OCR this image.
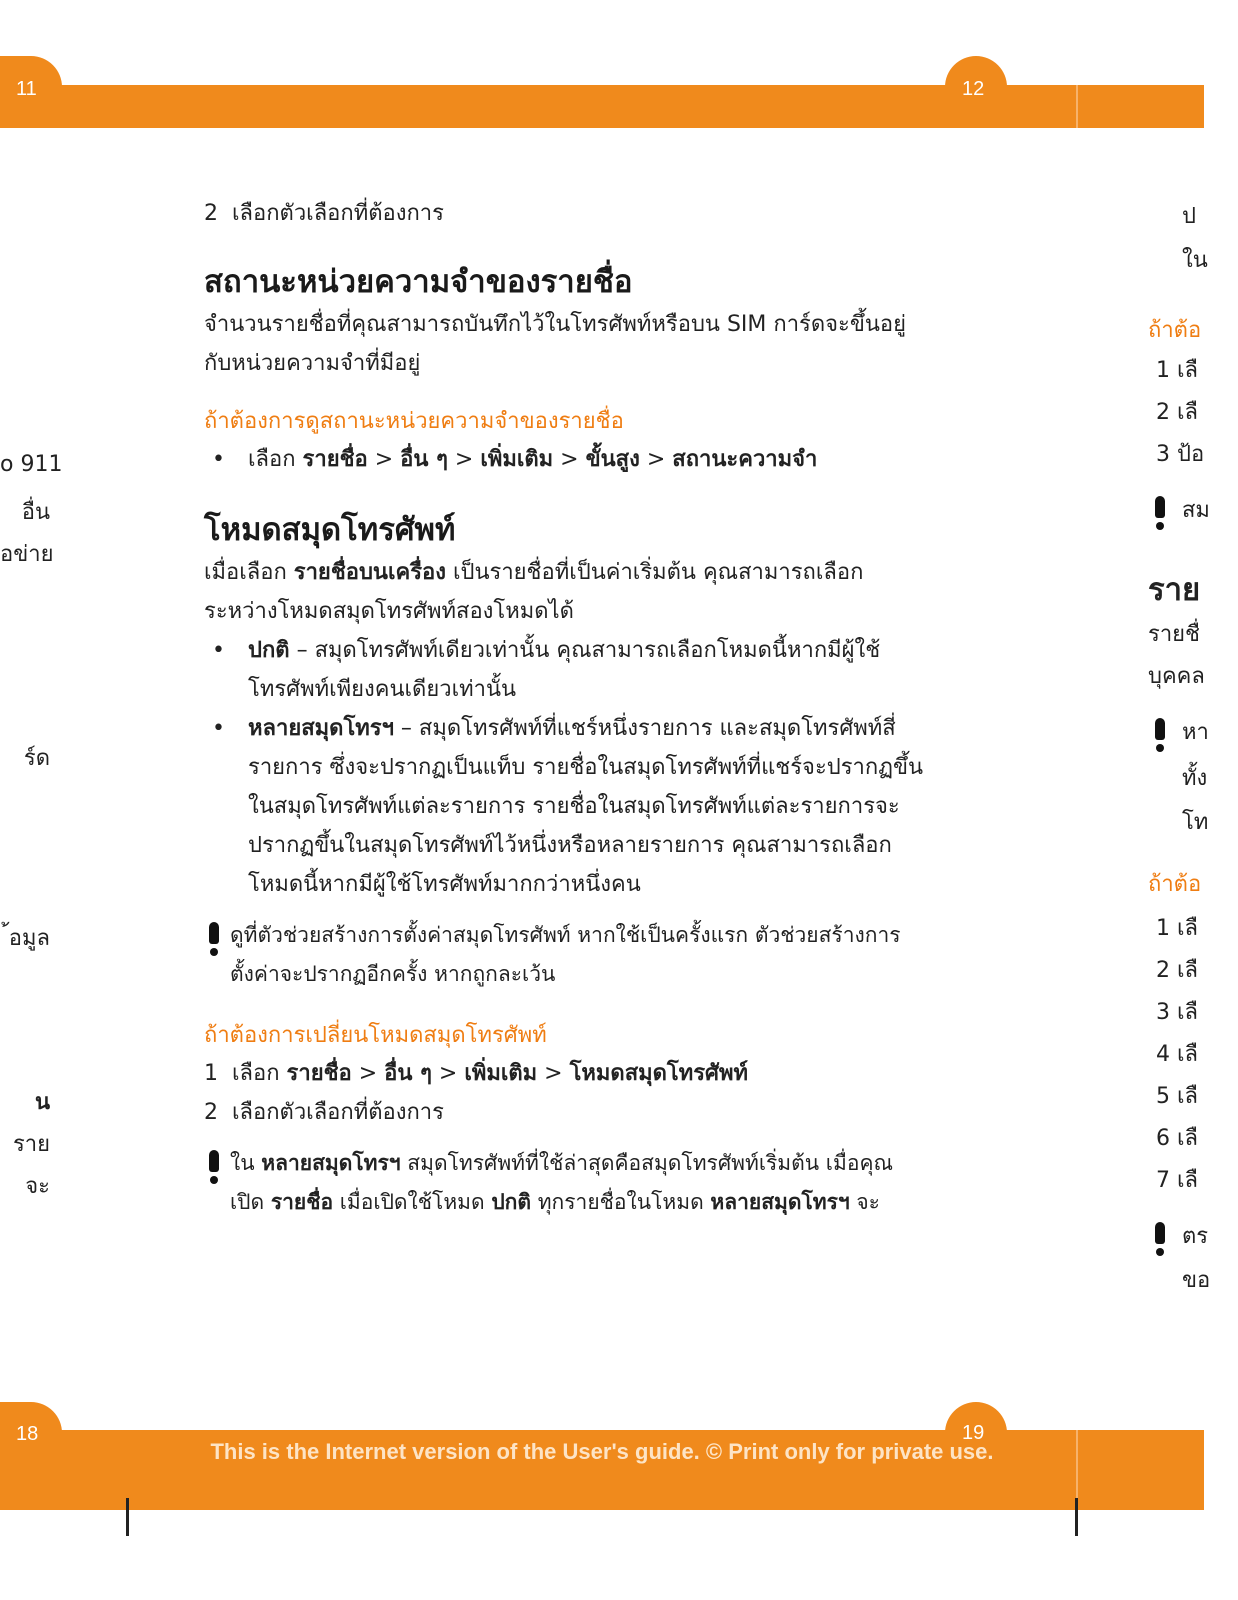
11	12
18	19
This is the Internet version of the User's guide. © Print only for private use.
2 เลือกตัวเลือกที่ต้องการ
สถานะหน่วยความจำของรายชื่อ
จำนวนรายชื่อที่คุณสามารถบันทึกไว้ในโทรศัพท์หรือบน SIM การ์ดจะขึ้นอยู่
กับหน่วยความจำที่มีอยู่
ถ้าต้องการดูสถานะหน่วยความจำของรายชื่อ
•	เลือก รายชื่อ > อื่น ๆ > เพิ่มเติม > ขั้นสูง > สถานะความจำ
โหมดสมุดโทรศัพท์
เมื่อเลือก รายชื่อบนเครื่อง เป็นรายชื่อที่เป็นค่าเริ่มต้น คุณสามารถเลือก
ระหว่างโหมดสมุดโทรศัพท์สองโหมดได้
•	ปกติ – สมุดโทรศัพท์เดียวเท่านั้น คุณสามารถเลือกโหมดนี้หากมีผู้ใช้
โทรศัพท์เพียงคนเดียวเท่านั้น
•	หลายสมุดโทรฯ – สมุดโทรศัพท์ที่แชร์หนึ่งรายการ และสมุดโทรศัพท์สี่
รายการ ซึ่งจะปรากฏเป็นแท็บ รายชื่อในสมุดโทรศัพท์ที่แชร์จะปรากฏขึ้น
ในสมุดโทรศัพท์แต่ละรายการ รายชื่อในสมุดโทรศัพท์แต่ละรายการจะ
ปรากฏขึ้นในสมุดโทรศัพท์ไว้หนึ่งหรือหลายรายการ คุณสามารถเลือก
โหมดนี้หากมีผู้ใช้โทรศัพท์มากกว่าหนึ่งคน
ดูที่ตัวช่วยสร้างการตั้งค่าสมุดโทรศัพท์ หากใช้เป็นครั้งแรก ตัวช่วยสร้างการ
ตั้งค่าจะปรากฏอีกครั้ง หากถูกละเว้น
ถ้าต้องการเปลี่ยนโหมดสมุดโทรศัพท์
1 เลือก รายชื่อ > อื่น ๆ > เพิ่มเติม > โหมดสมุดโทรศัพท์
2 เลือกตัวเลือกที่ต้องการ
ใน หลายสมุดโทรฯ สมุดโทรศัพท์ที่ใช้ล่าสุดคือสมุดโทรศัพท์เริ่มต้น เมื่อคุณ
เปิด รายชื่อ เมื่อเปิดใช้โหมด ปกติ ทุกรายชื่อในโหมด หลายสมุดโทรฯ จะ
o 911
อื่น
อข่าย
ร์ด
้อมูล
น
ราย
จะ
ป
ใน
ถ้าต้อ
1 เลื
2 เลื
3 ป้อ
สม
ราย
รายชื่
บุคคล
หา
ทั้ง
โท
ถ้าต้อ
1 เลื
2 เลื
3 เลื
4 เลื
5 เลื
6 เลื
7 เลื
ตร
ขอ
